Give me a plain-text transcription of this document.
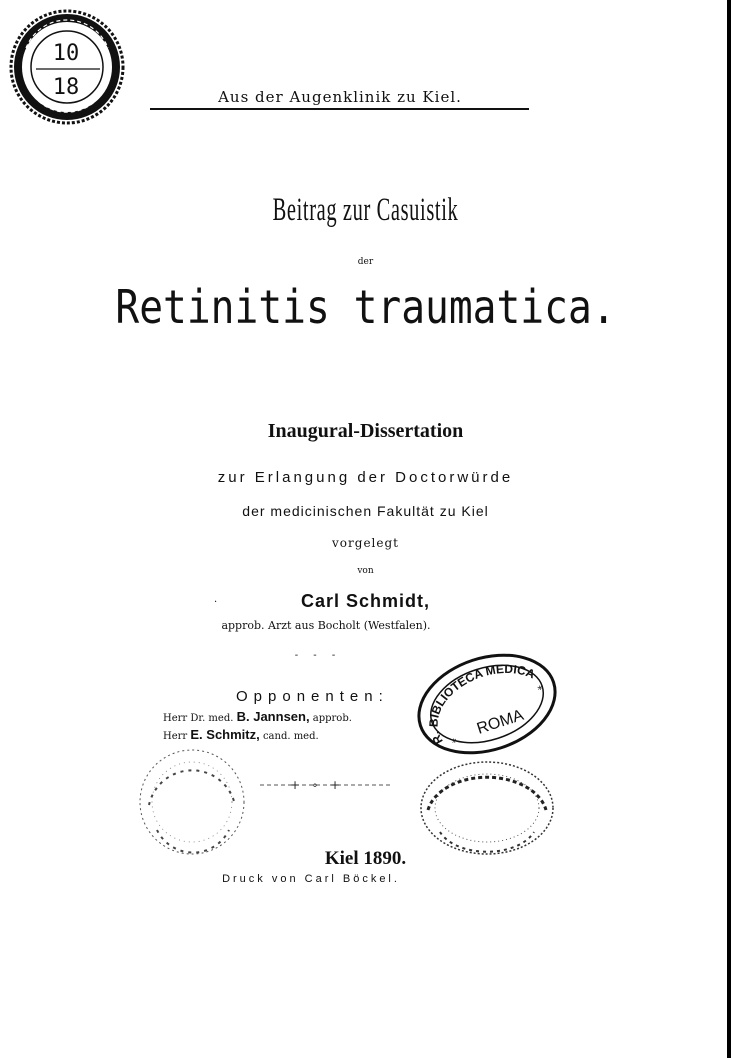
10
18	Aus der Augenklinik zu Kiel.
Beitrag zur Casuistik
der
Retinitis traumatica.
Inaugural-Dissertation
zur Erlangung der Doctorwürde
der medicinischen Fakultät zu Kiel
vorgelegt
von
·	Carl Schmidt,
approb. Arzt aus Bocholt (Westfalen).
- - -
R. BIBLIOTECA MEDICA
ROMA
*
*
Opponenten:
Herr Dr. med. B. Jannsen, approb.
Herr E. Schmitz, cand. med.
+ ∘ +
Kiel 1890.
Druck von Carl Böckel.
